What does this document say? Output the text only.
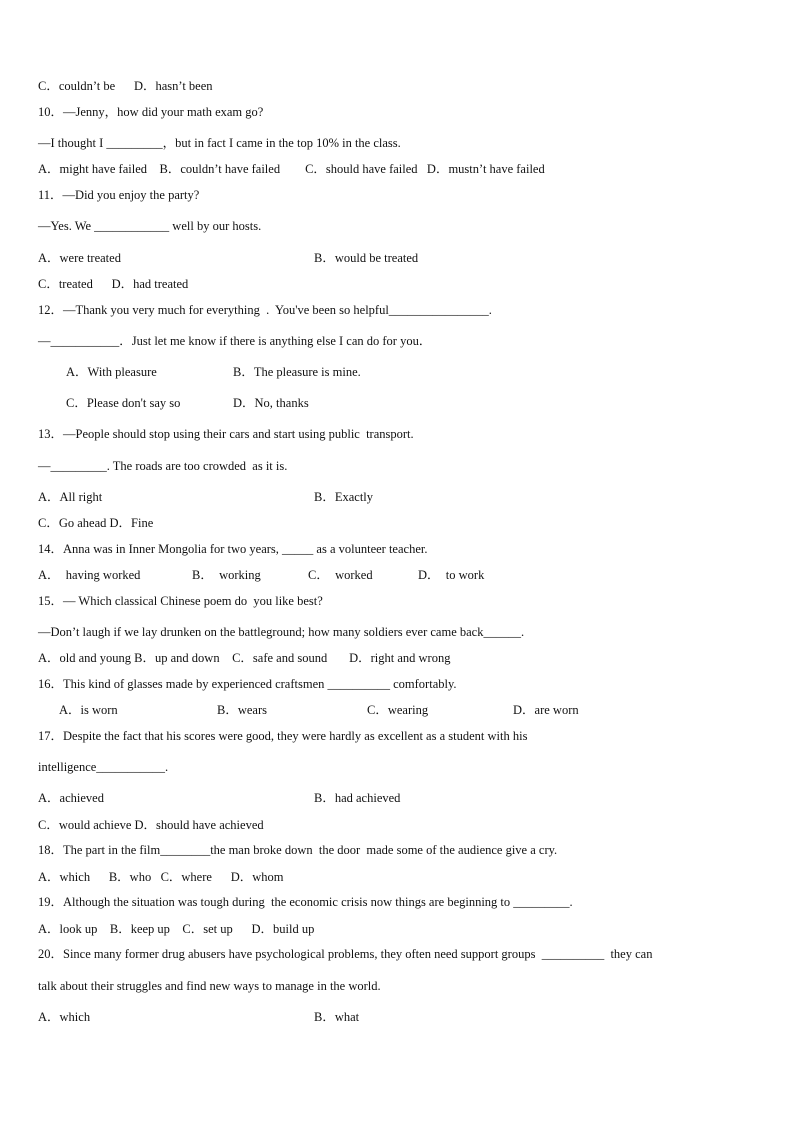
C．couldn’t be      D．hasn’t been
10．—Jenny，how did your math exam go?
—I thought I _________，but in fact I came in the top 10% in the class.
A．might have failed    B．couldn’t have failed        C．should have failed   D．mustn’t have failed
11．—Did you enjoy the party?
—Yes. We ____________ well by our hosts.
A．were treated	B．would be treated
C．treated      D．had treated
12．—Thank you very much for everything  .  You've been so helpful________________.
—___________．Just let me know if there is anything else I can do for you．
A．With pleasure	B．The pleasure is mine.
C．Please don't say so	D．No, thanks
13．—People should stop using their cars and start using public  transport.
—_________. The roads are too crowded  as it is.
A．All right	B．Exactly
C．Go ahead D．Fine
14．Anna was in Inner Mongolia for two years, _____ as a volunteer teacher.
A．  having worked	B．  working	C．  worked	D．  to work
15．— Which classical Chinese poem do  you like best?
—Don’t laugh if we lay drunken on the battleground; how many soldiers ever came back______.
A．old and young B．up and down    C．safe and sound       D．right and wrong
16．This kind of glasses made by experienced craftsmen __________ comfortably.
A．is worn	B．wears	C．wearing	D．are worn
17．Despite the fact that his scores were good, they were hardly as excellent as a student with his
intelligence___________.
A．achieved	B．had achieved
C．would achieve D．should have achieved
18．The part in the film________the man broke down  the door  made some of the audience give a cry.
A．which      B．who   C．where      D．whom
19．Although the situation was tough during  the economic crisis now things are beginning to _________.
A．look up    B．keep up    C．set up      D．build up
20．Since many former drug abusers have psychological problems, they often need support groups  __________  they can
talk about their struggles and find new ways to manage in the world.
A．which	B．what
